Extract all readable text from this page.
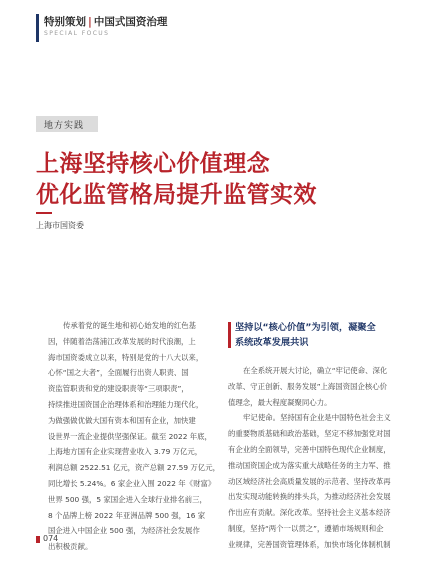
特别策划 | 中国式国资治理
SPECIAL FOCUS
地方实践
上海坚持核心价值理念
优化监管格局提升监管实效
上海市国资委

传承着党的诞生地和初心始发地的红色基

因，伴随着浩荡浦江改革发展的时代浪潮，上

海市国资委成立以来，特别是党的十八大以来，

心怀“国之大者”，全面履行出资人职责、国

资监管职责和党的建设职责等“三项职责”，

持续推进国资国企治理体系和治理能力现代化，

为做强做优做大国有资本和国有企业，加快建

设世界一流企业提供坚强保证。截至 2022 年底，

上海地方国有企业实现营业收入 3.79 万亿元，

利润总额 2522.51 亿元，资产总额 27.59 万亿元，

同比增长 5.24%。6 家企业入围 2022 年《财富》

世界 500 强，5 家国企进入全球行业排名前三，

8 个品牌上榜 2022 年亚洲品牌 500 强，16 家

国企进入中国企业 500 强，为经济社会发展作

出积极贡献。

坚持以“核心价值”为引领，凝聚全

系统改革发展共识

在全系统开展大讨论，确立“牢记使命、深化

改革、守正创新、服务发展”上海国资国企核心价

值理念，最大程度凝聚同心力。

牢记使命。坚持国有企业是中国特色社会主义

的重要物质基础和政治基础，坚定不移加强党对国

有企业的全面领导，完善中国特色现代企业制度，

推动国资国企成为落实重大战略任务的主力军、推

动区域经济社会高质量发展的示范者、坚持改革再

出发实现动能转换的排头兵，为推动经济社会发展

作出应有贡献。深化改革。坚持社会主义基本经济

制度，坚持“两个一以贯之”，遵循市场规则和企

业规律，完善国资管理体系，加快市场化体制机制

074
